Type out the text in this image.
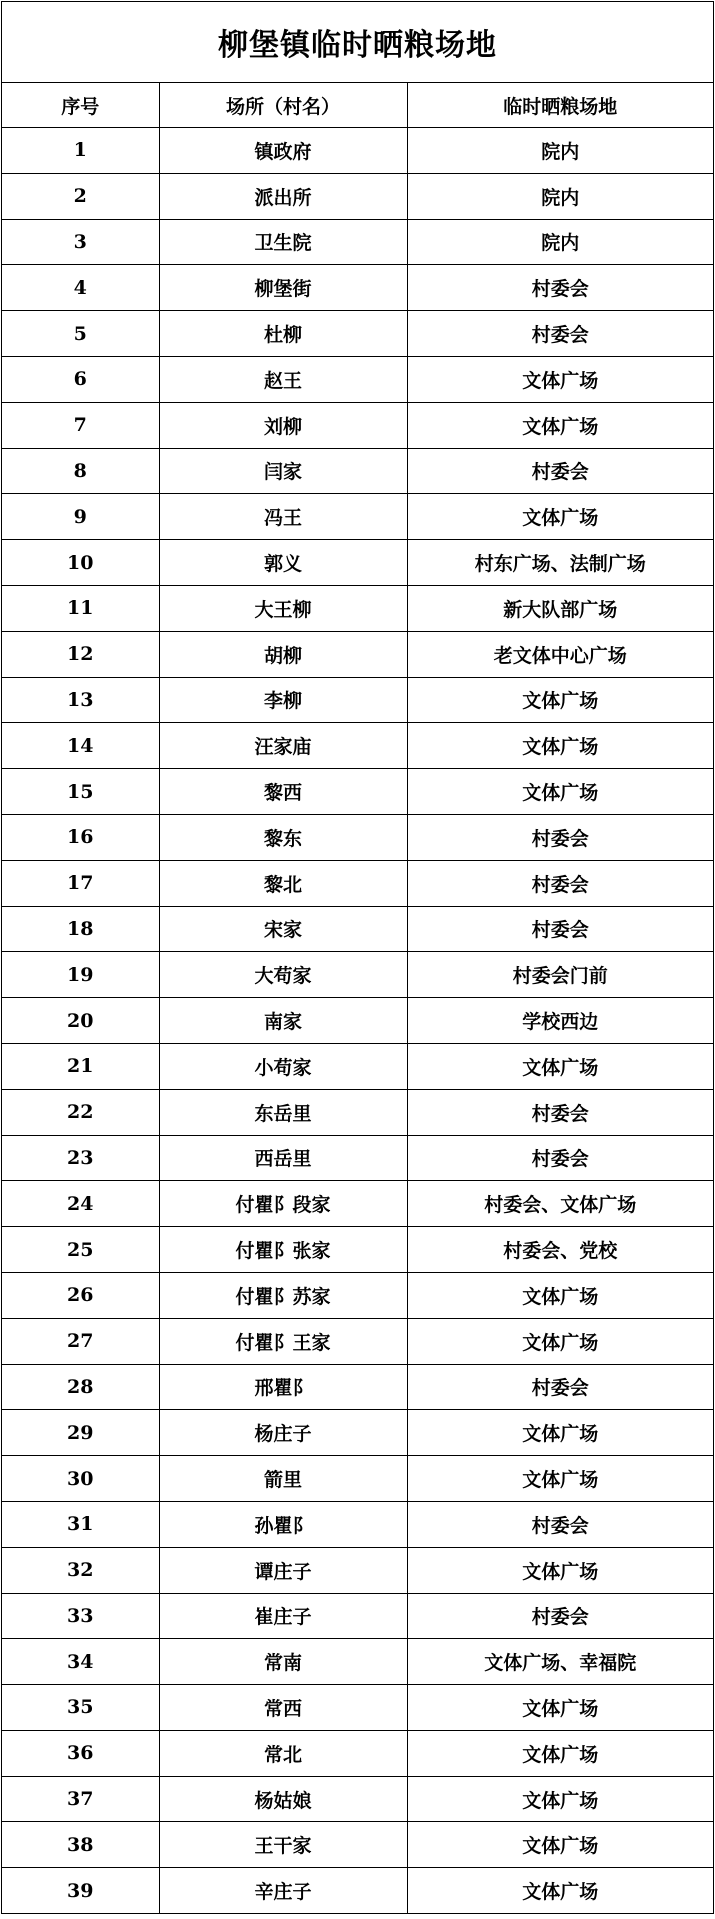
柳堡镇临时晒粮场地
序号	场所（村名）	临时晒粮场地
1	镇政府	院内
2	派出所	院内
3	卫生院	院内
4	柳堡街	村委会
5	杜柳	村委会
6	赵王	文体广场
7	刘柳	文体广场
8	闫家	村委会
9	冯王	文体广场
10	郭义	村东广场、法制广场
11	大王柳	新大队部广场
12	胡柳	老文体中心广场
13	李柳	文体广场
14	汪家庙	文体广场
15	黎西	文体广场
16	黎东	村委会
17	黎北	村委会
18	宋家	村委会
19	大苟家	村委会门前
20	南家	学校西边
21	小苟家	文体广场
22	东岳里	村委会
23	西岳里	村委会
24	付瞿阝段家	村委会、文体广场
25	付瞿阝张家	村委会、党校
26	付瞿阝苏家	文体广场
27	付瞿阝王家	文体广场
28	邢瞿阝	村委会
29	杨庄子	文体广场
30	箭里	文体广场
31	孙瞿阝	村委会
32	谭庄子	文体广场
33	崔庄子	村委会
34	常南	文体广场、幸福院
35	常西	文体广场
36	常北	文体广场
37	杨姑娘	文体广场
38	王干家	文体广场
39	辛庄子	文体广场
